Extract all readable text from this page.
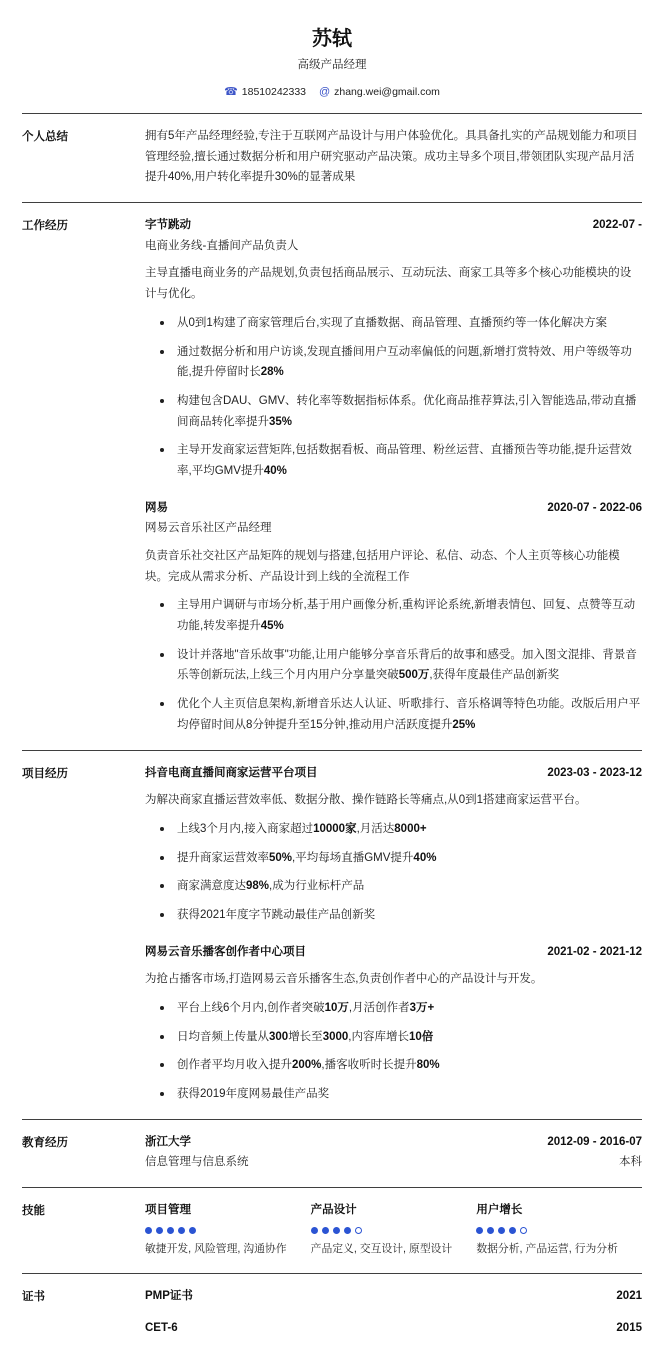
苏轼
高级产品经理
☎ 18510242333 @ zhang.wei@gmail.com
个人总结	拥有5年产品经理经验,专注于互联网产品设计与用户体验优化。具具备扎实的产品规划能力和项目管理经验,擅长通过数据分析和用户研究驱动产品决策。成功主导多个项目,带领团队实现产品月活提升40%,用户转化率提升30%的显著成果
工作经历	字节跳动	2022-07 -
电商业务线-直播间产品负责人
主导直播电商业务的产品规划,负责包括商品展示、互动玩法、商家工具等多个核心功能模块的设计与优化。
从0到1构建了商家管理后台,实现了直播数据、商品管理、直播预约等一体化解决方案
通过数据分析和用户访谈,发现直播间用户互动率偏低的问题,新增打赏特效、用户等级等功能,提升停留时长28%
构建包含DAU、GMV、转化率等数据指标体系。优化商品推荐算法,引入智能选品,带动直播间商品转化率提升35%
主导开发商家运营矩阵,包括数据看板、商品管理、粉丝运营、直播预告等功能,提升运营效率,平均GMV提升40%
网易	2020-07 - 2022-06
网易云音乐社区产品经理
负责音乐社交社区产品矩阵的规划与搭建,包括用户评论、私信、动态、个人主页等核心功能模块。完成从需求分析、产品设计到上线的全流程工作
主导用户调研与市场分析,基于用户画像分析,重构评论系统,新增表情包、回复、点赞等互动功能,转发率提升45%
设计并落地"音乐故事"功能,让用户能够分享音乐背后的故事和感受。加入图文混排、背景音乐等创新玩法,上线三个月内用户分享量突破500万,获得年度最佳产品创新奖
优化个人主页信息架构,新增音乐达人认证、听歌排行、音乐格调等特色功能。改版后用户平均停留时间从8分钟提升至15分钟,推动用户活跃度提升25%
项目经历	抖音电商直播间商家运营平台项目	2023-03 - 2023-12
为解决商家直播运营效率低、数据分散、操作链路长等痛点,从0到1搭建商家运营平台。
上线3个月内,接入商家超过10000家,月活达8000+
提升商家运营效率50%,平均每场直播GMV提升40%
商家满意度达98%,成为行业标杆产品
获得2021年度字节跳动最佳产品创新奖
网易云音乐播客创作者中心项目	2021-02 - 2021-12
为抢占播客市场,打造网易云音乐播客生态,负责创作者中心的产品设计与开发。
平台上线6个月内,创作者突破10万,月活创作者3万+
日均音频上传量从300增长至3000,内容库增长10倍
创作者平均月收入提升200%,播客收听时长提升80%
获得2019年度网易最佳产品奖
教育经历	浙江大学	2012-09 - 2016-07
信息管理与信息系统	本科
技能	项目管理
敏捷开发, 风险管理, 沟通协作
产品设计
产品定义, 交互设计, 原型设计
用户增长
数据分析, 产品运营, 行为分析
证书	PMP证书	2021
CET-6	2015
